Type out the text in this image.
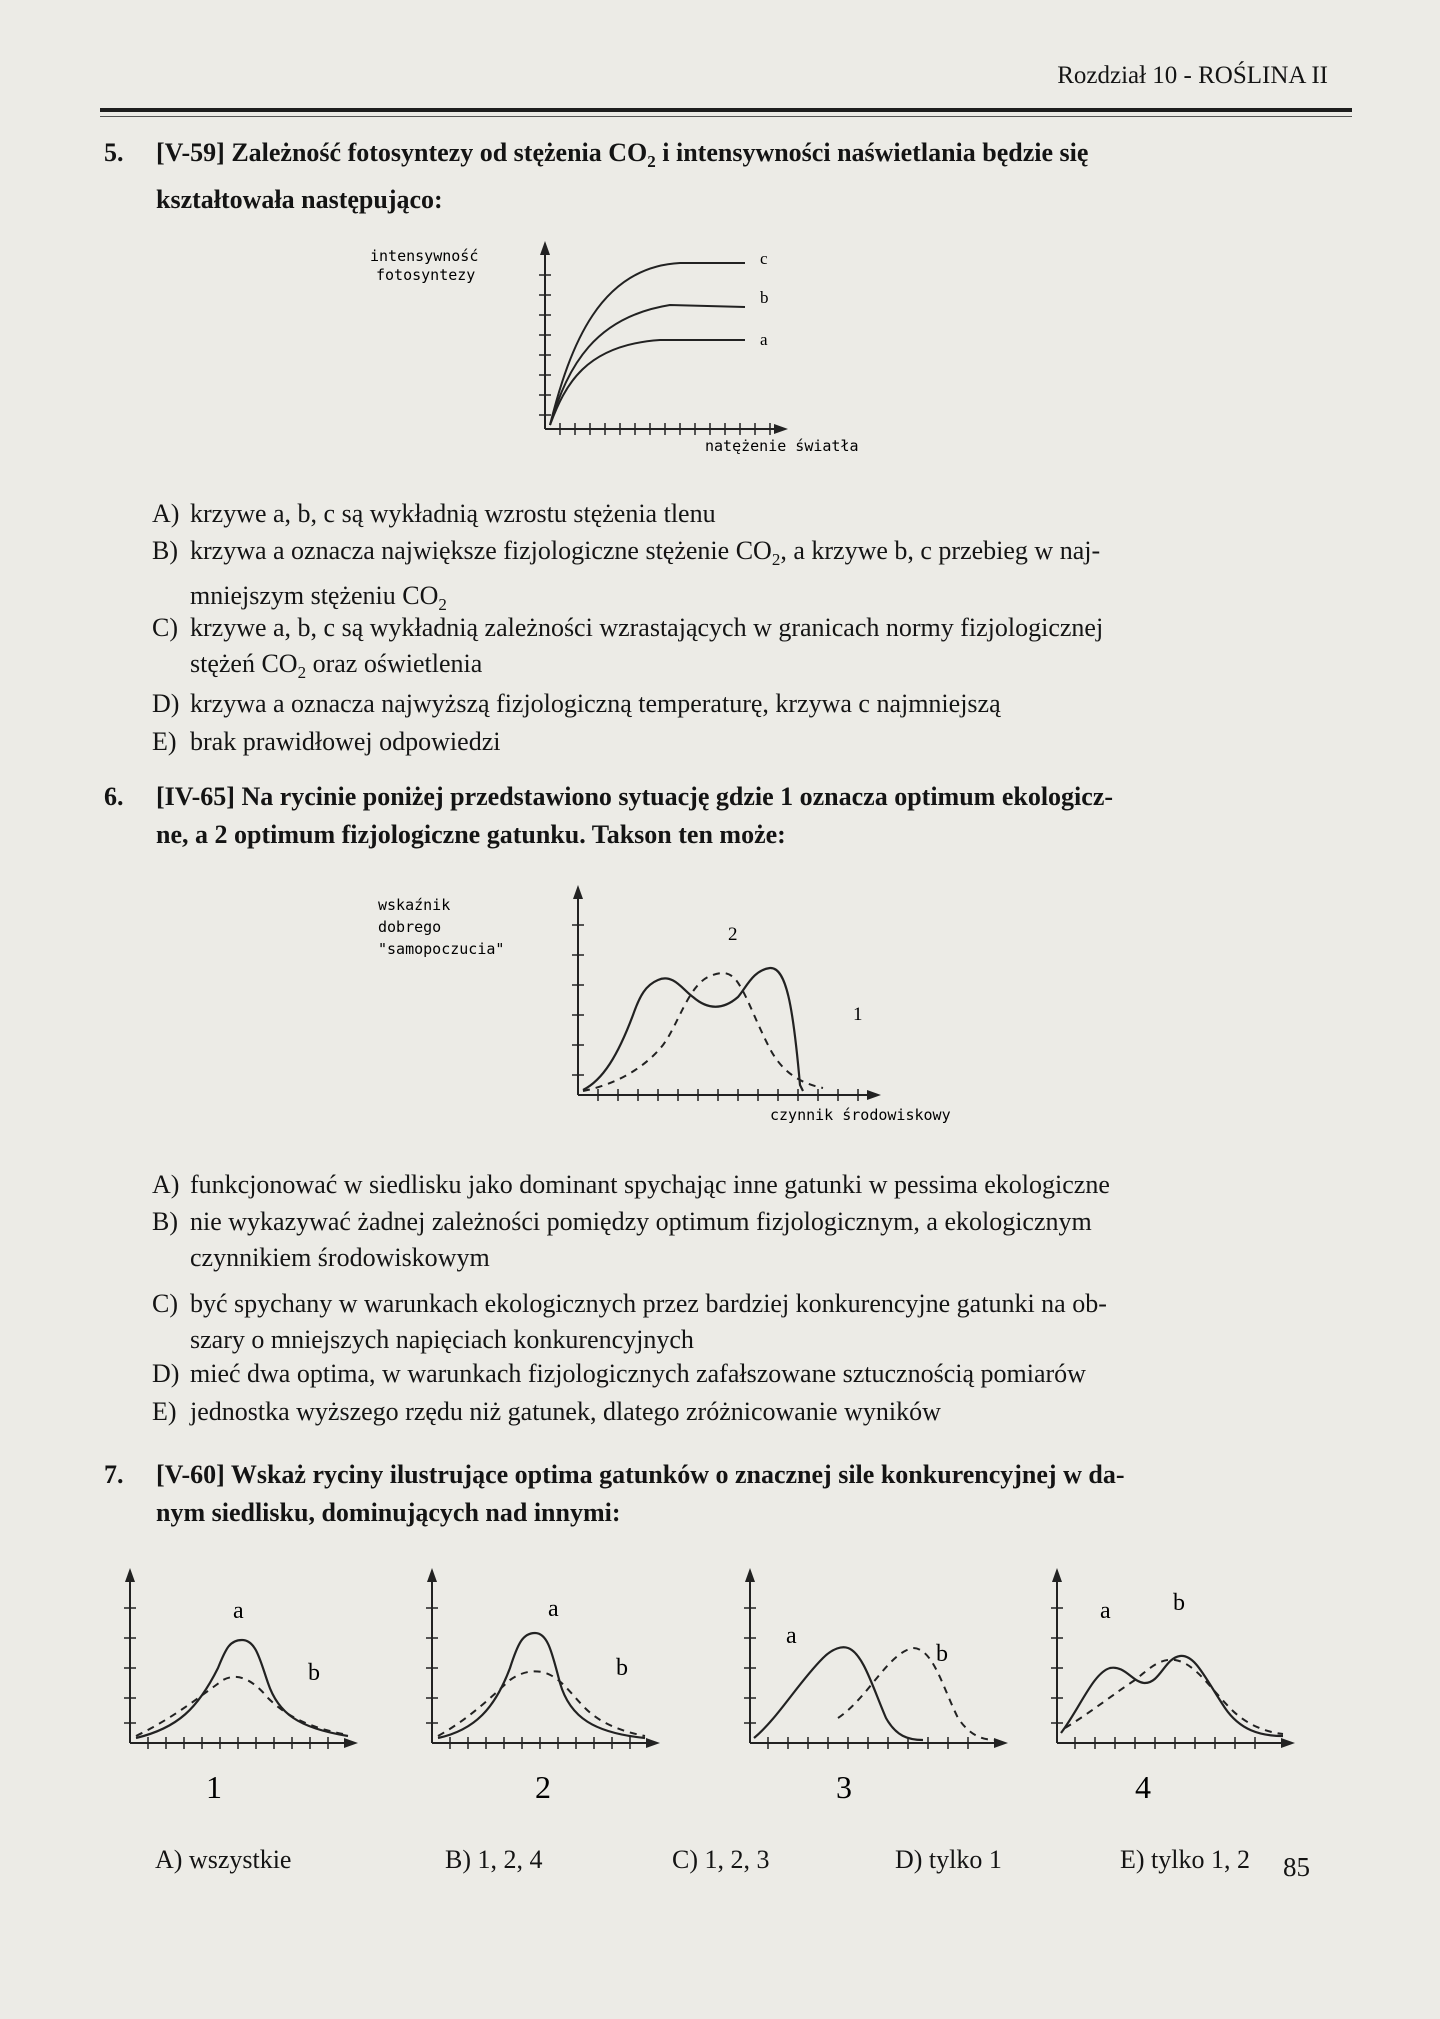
Rozdział 10 - ROŚLINA II
5. [V-59] Zależność fotosyntezy od stężenia $CO_2$ i intensywności naświetlania będzie się
kształtowała następująco:
intensywność
fotosyntezy
c
b
a
natężenie światła
A) krzywe a, b, c są wykładnią wzrostu stężenia tlenu
B) krzywa a oznacza największe fizjologiczne stężenie $CO_2$, a krzywe b, c przebieg w naj-
mniejszym stężeniu $CO_2$
C) krzywe a, b, c są wykładnią zależności wzrastających w granicach normy fizjologicznej
stężeń $CO_2$ oraz oświetlenia
D) krzywa a oznacza najwyższą fizjologiczną temperaturę, krzywa c najmniejszą
E) brak prawidłowej odpowiedzi
6. [IV-65] Na rycinie poniżej przedstawiono sytuację gdzie 1 oznacza optimum ekologicz-
ne, a 2 optimum fizjologiczne gatunku. Takson ten może:
wskaźnik
dobrego
"samopoczucia"
2
1
czynnik środowiskowy
A) funkcjonować w siedlisku jako dominant spychając inne gatunki w pessima ekologiczne
B) nie wykazywać żadnej zależności pomiędzy optimum fizjologicznym, a ekologicznym
czynnikiem środowiskowym
C) być spychany w warunkach ekologicznych przez bardziej konkurencyjne gatunki na ob-
szary o mniejszych napięciach konkurencyjnych
D) mieć dwa optima, w warunkach fizjologicznych zafałszowane sztucznością pomiarów
E) jednostka wyższego rzędu niż gatunek, dlatego zróżnicowanie wyników
7. [V-60] Wskaż ryciny ilustrujące optima gatunków o znacznej sile konkurencyjnej w da-
nym siedlisku, dominujących nad innymi:
a
b
1
a
b
2
a
b
3
a	b
4
A) wszystkie	B) 1, 2, 4	C) 1, 2, 3	D) tylko 1	E) tylko 1, 2 85
